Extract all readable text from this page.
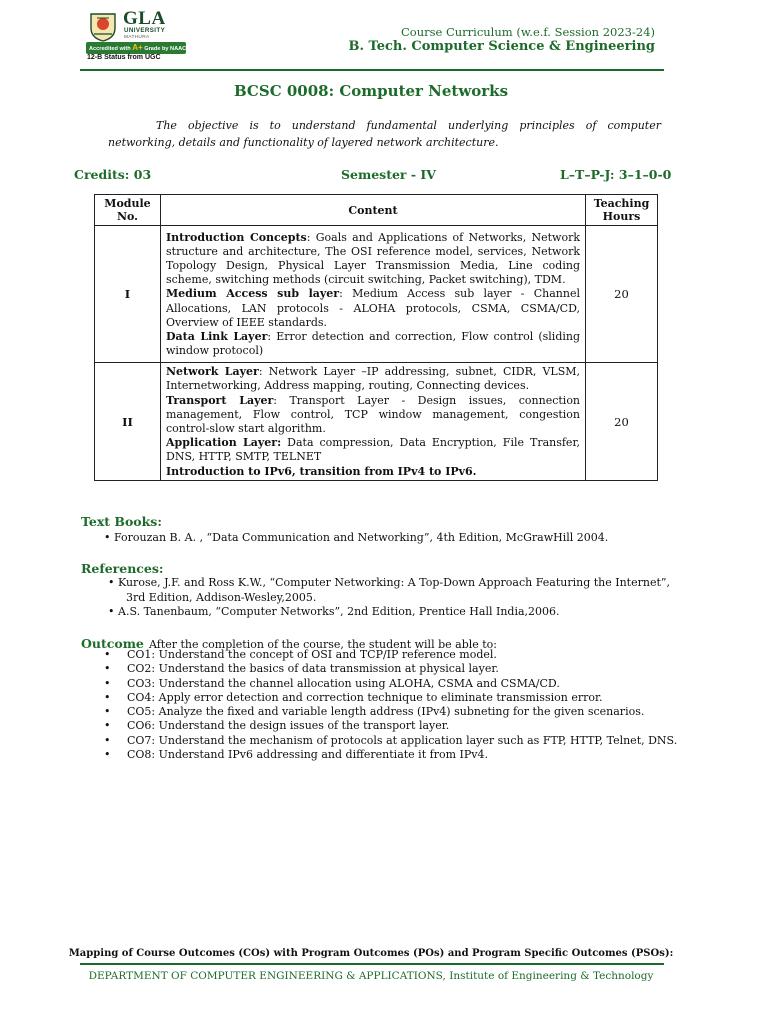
GLA
UNIVERSITY
MATHURA
Accredited with A+ Grade by NAAC
12-B Status from UGC
Course Curriculum (w.e.f. Session 2023-24)
B. Tech. Computer Science & Engineering
BCSC 0008: Computer Networks
The objective is to understand fundamental underlying principles of computer networking, details and functionality of layered network architecture.
Credits: 03	Semester - IV	L–T–P-J: 3–1–0-0
Module No.	Content	Teaching Hours
I	Introduction Concepts: Goals and Applications of Networks, Network structure and architecture, The OSI reference model, services, Network Topology Design, Physical Layer Transmission Media, Line coding scheme, switching methods (circuit switching, Packet switching), TDM.
Medium Access sub layer: Medium Access sub layer - Channel Allocations, LAN protocols - ALOHA protocols, CSMA, CSMA/CD, Overview of IEEE standards.
Data Link Layer: Error detection and correction, Flow control (sliding window protocol)	20
II	Network Layer: Network Layer –IP addressing, subnet, CIDR, VLSM, Internetworking, Address mapping, routing, Connecting devices.
Transport Layer: Transport Layer - Design issues, connection management, Flow control, TCP window management, congestion control-slow start algorithm.
Application Layer: Data compression, Data Encryption, File Transfer, DNS, HTTP, SMTP, TELNET
Introduction to IPv6, transition from IPv4 to IPv6.	20
Text Books:
• Forouzan B. A. , “Data Communication and Networking”, 4th Edition, McGrawHill 2004.
References:
• Kurose, J.F. and Ross K.W., “Computer Networking: A Top-Down Approach Featuring the Internet”,
3rd Edition, Addison-Wesley,2005.
• A.S. Tanenbaum, “Computer Networks”, 2nd Edition, Prentice Hall India,2006.
Outcome After the completion of the course, the student will be able to:
• CO1: Understand the concept of OSI and TCP/IP reference model.
• CO2: Understand the basics of data transmission at physical layer.
• CO3: Understand the channel allocation using ALOHA, CSMA and CSMA/CD.
• CO4: Apply error detection and correction technique to eliminate transmission error.
• CO5: Analyze the fixed and variable length address (IPv4) subneting for the given scenarios.
• CO6: Understand the design issues of the transport layer.
• CO7: Understand the mechanism of protocols at application layer such as FTP, HTTP, Telnet, DNS.
• CO8: Understand IPv6 addressing and differentiate it from IPv4.
Mapping of Course Outcomes (COs) with Program Outcomes (POs) and Program Specific Outcomes (PSOs):
DEPARTMENT OF COMPUTER ENGINEERING & APPLICATIONS, Institute of Engineering & Technology
